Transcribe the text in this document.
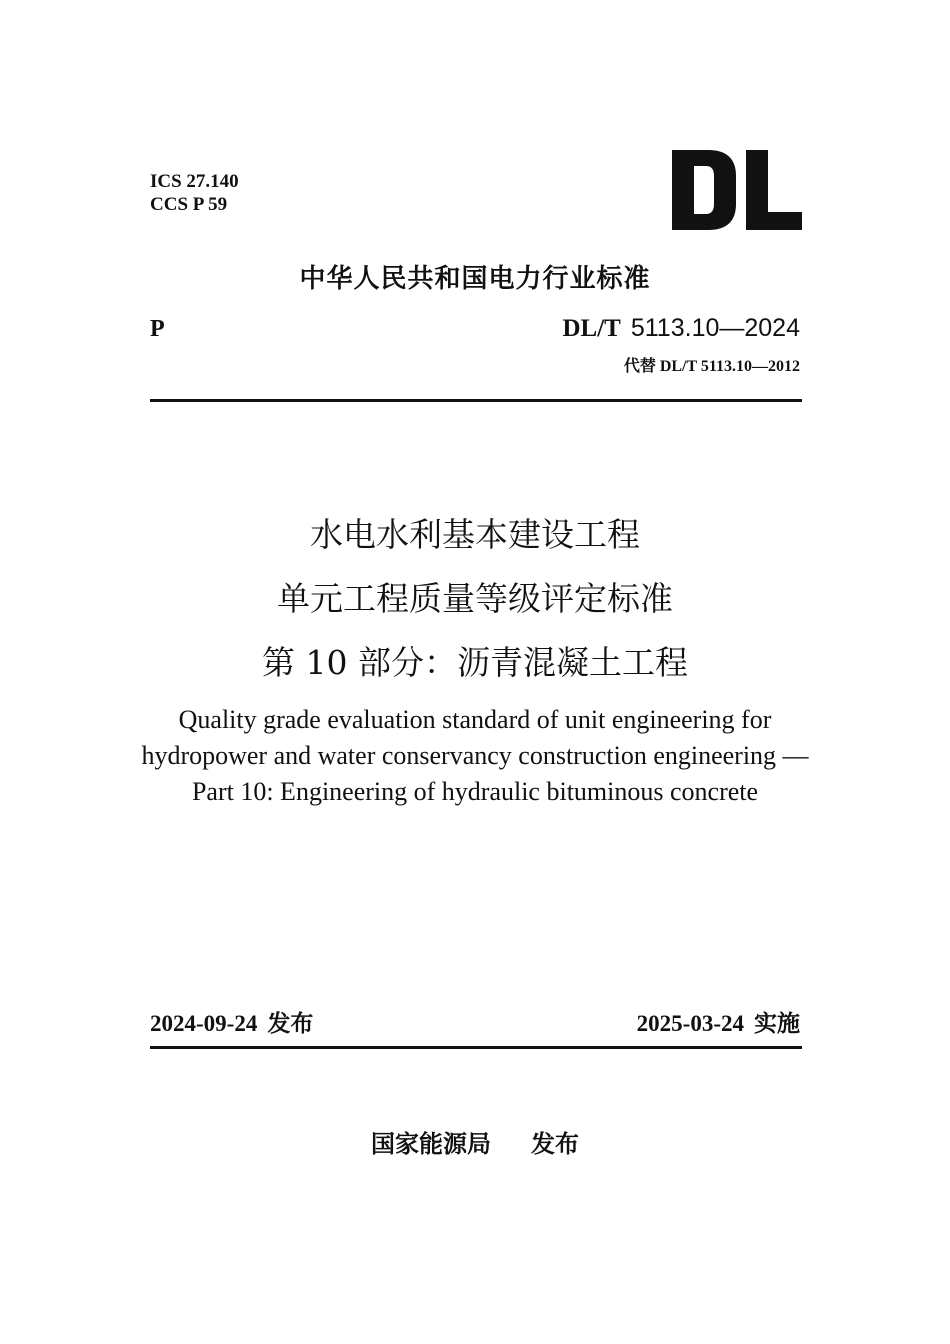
ICS 27.140
CCS P 59
中华人民共和国电力行业标准
P	DL/T 5113.10—2024
代替 DL/T 5113.10—2012
水电水利基本建设工程
单元工程质量等级评定标准
第 10 部分：沥青混凝土工程
Quality grade evaluation standard of unit engineering for
hydropower and water conservancy construction engineering —
Part 10: Engineering of hydraulic bituminous concrete
2024-09-24 发布	2025-03-24 实施
国家能源局 发布
